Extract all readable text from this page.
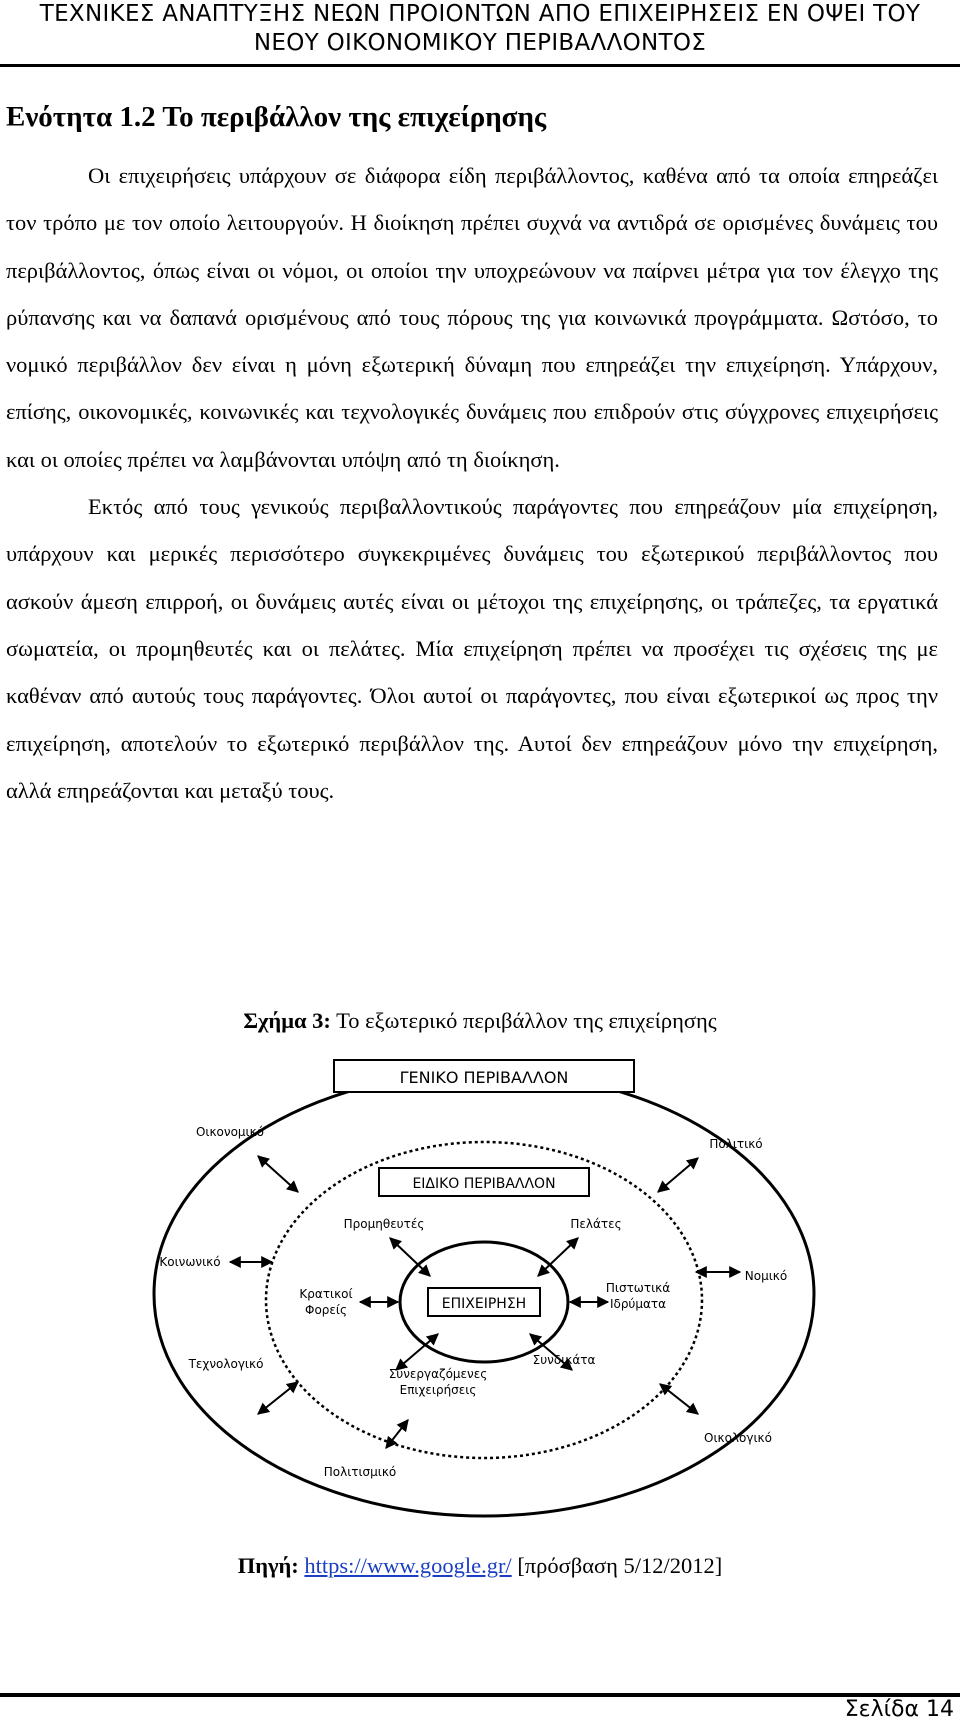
ΤΕΧΝΙΚΕΣ ΑΝΑΠΤΥΞΗΣ ΝΕΩΝ ΠΡΟΙΟΝΤΩΝ ΑΠΟ ΕΠΙΧΕΙΡΗΣΕΙΣ ΕΝ ΟΨΕΙ ΤΟΥ
ΝΕΟΥ ΟΙΚΟΝΟΜΙΚΟΥ ΠΕΡΙΒΑΛΛΟΝΤΟΣ
Ενότητα 1.2 Το περιβάλλον της επιχείρησης

Οι επιχειρήσεις υπάρχουν σε διάφορα είδη περιβάλλοντος, καθένα από τα οποία επηρεάζει τον τρόπο με τον οποίο λειτουργούν. Η διοίκηση πρέπει συχνά να αντιδρά σε ορισμένες δυνάμεις του περιβάλλοντος, όπως είναι οι νόμοι, οι οποίοι την υποχρεώνουν να παίρνει μέτρα για τον έλεγχο της ρύπανσης και να δαπανά ορισμένους από τους πόρους της για κοινωνικά προγράμματα. Ωστόσο, το νομικό περιβάλλον δεν είναι η μόνη εξωτερική δύναμη που επηρεάζει την επιχείρηση. Υπάρχουν, επίσης, οικονομικές, κοινωνικές και τεχνολογικές δυνάμεις που επιδρούν στις σύγχρονες επιχειρήσεις και οι οποίες πρέπει να λαμβάνονται υπόψη από τη διοίκηση.

Εκτός από τους γενικούς περιβαλλοντικούς παράγοντες που επηρεάζουν μία επιχείρηση, υπάρχουν και μερικές περισσότερο συγκεκριμένες δυνάμεις του εξωτερικού περιβάλλοντος που ασκούν άμεση επιρροή, οι δυνάμεις αυτές είναι οι μέτοχοι της επιχείρησης, οι τράπεζες, τα εργατικά σωματεία, οι προμηθευτές και οι πελάτες. Μία επιχείρηση πρέπει να προσέχει τις σχέσεις της με καθέναν από αυτούς τους παράγοντες. Όλοι αυτοί οι παράγοντες, που είναι εξωτερικοί ως προς την επιχείρηση, αποτελούν το εξωτερικό περιβάλλον της. Αυτοί δεν επηρεάζουν μόνο την επιχείρηση, αλλά επηρεάζονται και μεταξύ τους.

Σχήμα 3: Το εξωτερικό περιβάλλον της επιχείρησης
ΓΕΝΙΚΟ ΠΕΡΙΒΑΛΛΟΝ
ΕΙΔΙΚΟ ΠΕΡΙΒΑΛΛΟΝ
ΕΠΙΧΕΙΡΗΣΗ
Οικονομικό
Πολιτικό
Κοινωνικό
Νομικό
Τεχνολογικό
Οικολογικό
Πολιτισμικό
Προμηθευτές	Πελάτες
Κρατικοί
Φορείς
Πιστωτικά
Ιδρύματα
Συνεργαζόμενες
Επιχειρήσεις
Συνδικάτα
Πηγή: https://www.google.gr/ [πρόσβαση 5/12/2012]
Σελίδα 14
